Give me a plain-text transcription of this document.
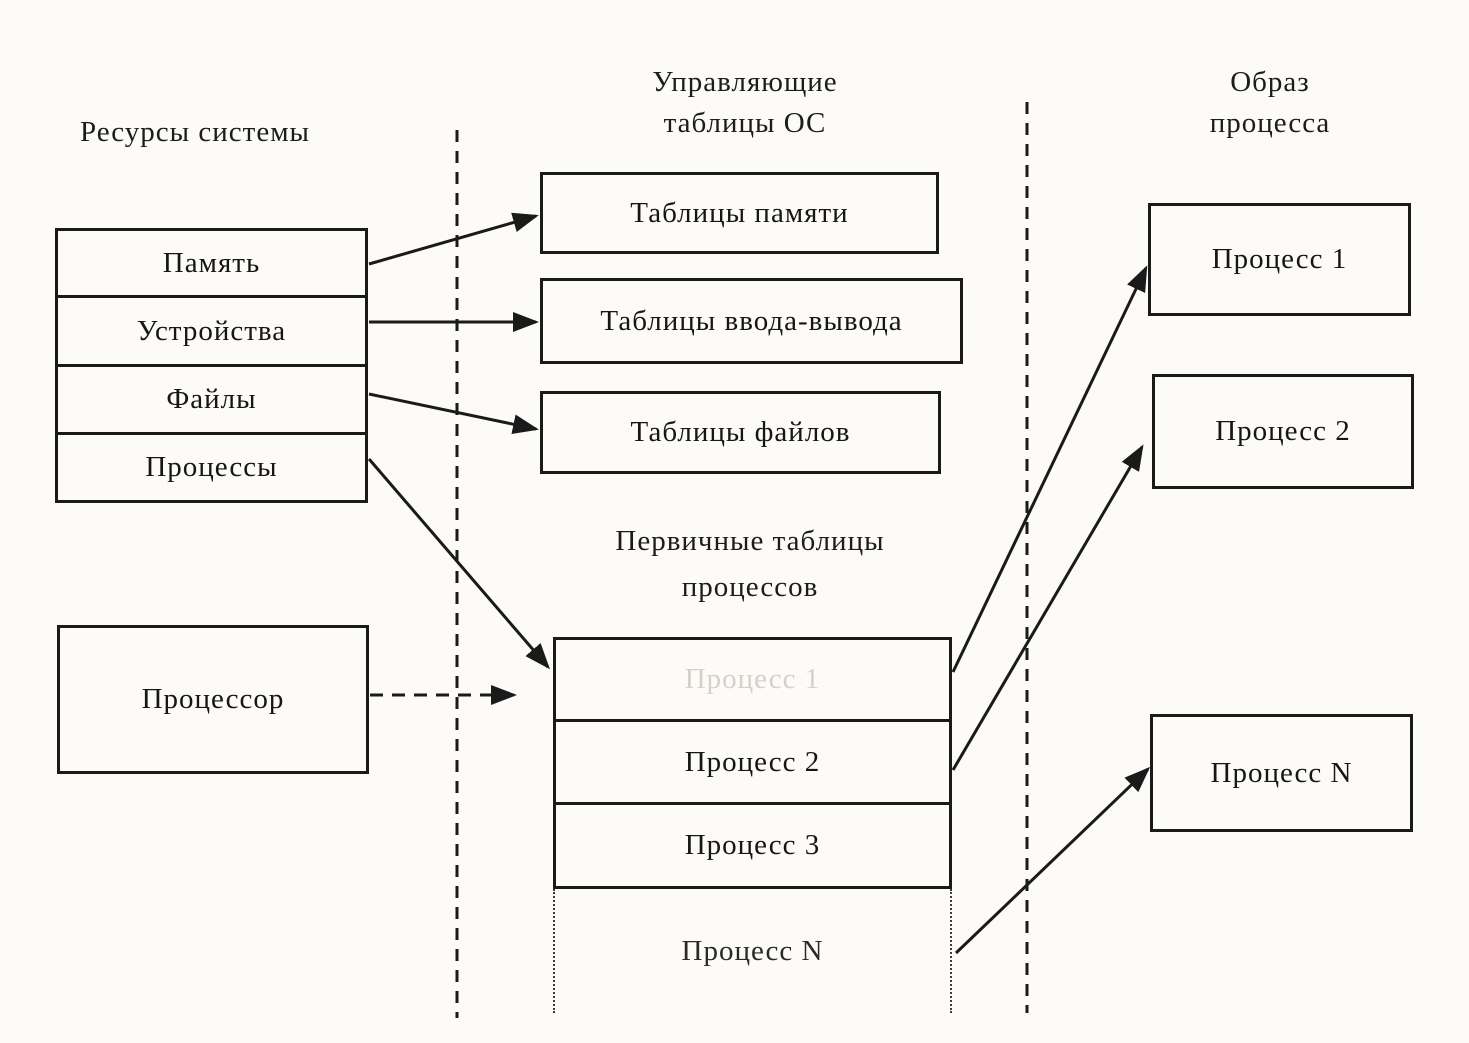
Ресурсы системы
Память
Устройства
Файлы
Процессы
Процессор
Управляющие
таблицы ОС
Таблицы памяти
Таблицы ввода-вывода
Таблицы файлов
Первичные таблицы
процессов
Процесс 1
Процесс 2
Процесс 3
Процесс N
Образ
процесса
Процесс 1
Процесс 2
Процесс N
